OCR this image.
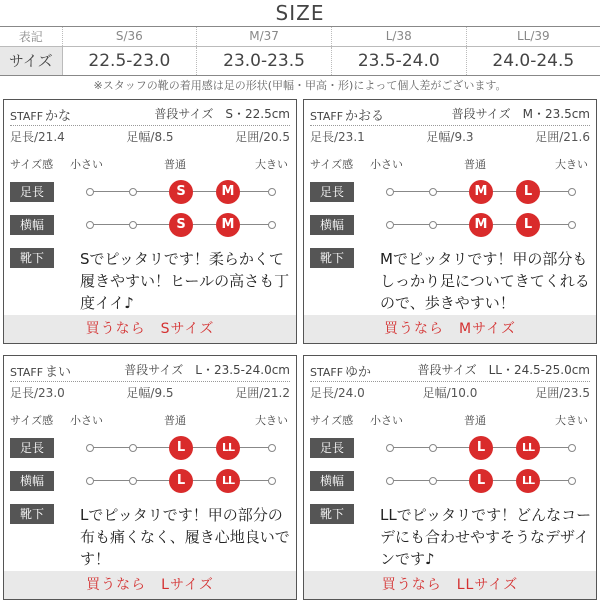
SIZE
表記	S/36	M/37	L/38	LL/39
サイズ	22.5-23.0	23.0-23.5	23.5-24.0	24.0-24.5
※スタッフの靴の着用感は足の形状(甲幅・甲高・形)によって個人差がございます。
STAFF かな	普段サイズ　S・22.5cm
足長/21.4	足幅/8.5	足囲/20.5
サイズ感 小さい	普通	大きい
足長
横幅
靴下
S	M
S	M
Sでピッタリです！柔らかくて履きやすい！ヒールの高さも丁度イイ♪
買うなら　Sサイズ
STAFF かおる	普段サイズ　M・23.5cm
足長/23.1	足幅/9.3	足囲/21.6
サイズ感 小さい	普通	大きい
足長
横幅
靴下
M	L
M	L
Mでピッタリです！甲の部分もしっかり足についてきてくれるので、歩きやすい！
買うなら　Mサイズ
STAFF まい	普段サイズ　L・23.5-24.0cm
足長/23.0	足幅/9.5	足囲/21.2
サイズ感 小さい	普通	大きい
足長
横幅
靴下
L	LL
L	LL
Lでピッタリです！甲の部分の布も痛くなく、履き心地良いです！
買うなら　Lサイズ
STAFF ゆか	普段サイズ　LL・24.5-25.0cm
足長/24.0	足幅/10.0	足囲/23.5
サイズ感 小さい	普通	大きい
足長
横幅
靴下
L	LL
L	LL
LLでピッタリです！どんなコーデにも合わせやすそうなデザインです♪
買うなら　LLサイズ
